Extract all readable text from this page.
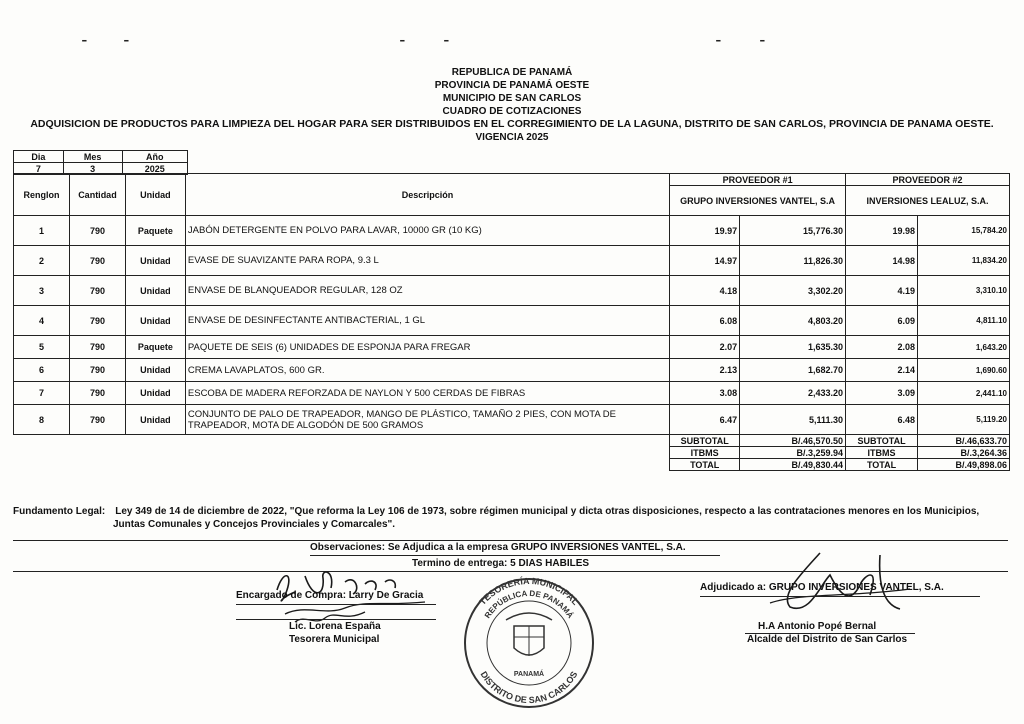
˗	˗	˗	˗	˗	˗
REPUBLICA DE PANAMÁ
PROVINCIA DE PANAMÁ OESTE
MUNICIPIO DE SAN CARLOS
CUADRO DE COTIZACIONES
ADQUISICION DE PRODUCTOS PARA LIMPIEZA DEL HOGAR PARA SER DISTRIBUIDOS EN EL CORREGIMIENTO DE LA LAGUNA, DISTRITO DE SAN CARLOS, PROVINCIA DE PANAMA OESTE.
VIGENCIA 2025
Dia	Mes	Año
7	3	2025
Renglon	Cantidad	Unidad	Descripción	PROVEEDOR #1		PROVEEDOR #2	
				GRUPO INVERSIONES VANTEL, S.A		INVERSIONES LEALUZ, S.A.	
1	790	Paquete	JABÓN DETERGENTE EN POLVO PARA LAVAR, 10000 GR (10 KG)	19.97	15,776.30	19.98	15,784.20
2	790	Unidad	EVASE DE SUAVIZANTE PARA ROPA, 9.3 L	14.97	11,826.30	14.98	11,834.20
3	790	Unidad	ENVASE DE BLANQUEADOR REGULAR, 128 OZ	4.18	3,302.20	4.19	3,310.10
4	790	Unidad	ENVASE DE DESINFECTANTE ANTIBACTERIAL, 1 GL	6.08	4,803.20	6.09	4,811.10
5	790	Paquete	PAQUETE DE SEIS (6) UNIDADES DE ESPONJA PARA FREGAR	2.07	1,635.30	2.08	1,643.20
6	790	Unidad	CREMA LAVAPLATOS, 600 GR.	2.13	1,682.70	2.14	1,690.60
7	790	Unidad	ESCOBA DE MADERA REFORZADA DE NAYLON Y 500 CERDAS DE FIBRAS	3.08	2,433.20	3.09	2,441.10
8	790	Unidad	CONJUNTO DE PALO DE TRAPEADOR, MANGO DE PLÁSTICO, TAMAÑO 2 PIES, CON MOTA DE TRAPEADOR, MOTA DE ALGODÓN DE 500 GRAMOS	6.47	5,111.30	6.48	5,119.20
				SUBTOTAL	B/.46,570.50	SUBTOTAL	B/.46,633.70
				ITBMS	B/.3,259.94	ITBMS	B/.3,264.36
				TOTAL	B/.49,830.44	TOTAL	B/.49,898.06
Fundamento Legal: Ley 349 de 14 de diciembre de 2022, "Que reforma la Ley 106 de 1973, sobre régimen municipal y dicta otras disposiciones, respecto a las contrataciones menores en los Municipios, Juntas Comunales y Concejos Provinciales y Comarcales".
Observaciones: Se Adjudica a la empresa GRUPO INVERSIONES VANTEL, S.A.
Termino de entrega: 5 DIAS HABILES
Encargado de Compra: Larry De Gracia
Lic. Lorena España
Tesorera Municipal
REPÚBLICA DE PANAMÁ
TESORERÍA MUNICIPAL
DISTRITO DE SAN CARLOS
PANAMÁ
Adjudicado a: GRUPO INVERSIONES VANTEL, S.A.
H.A Antonio Popé Bernal
Alcalde del Distrito de San Carlos
